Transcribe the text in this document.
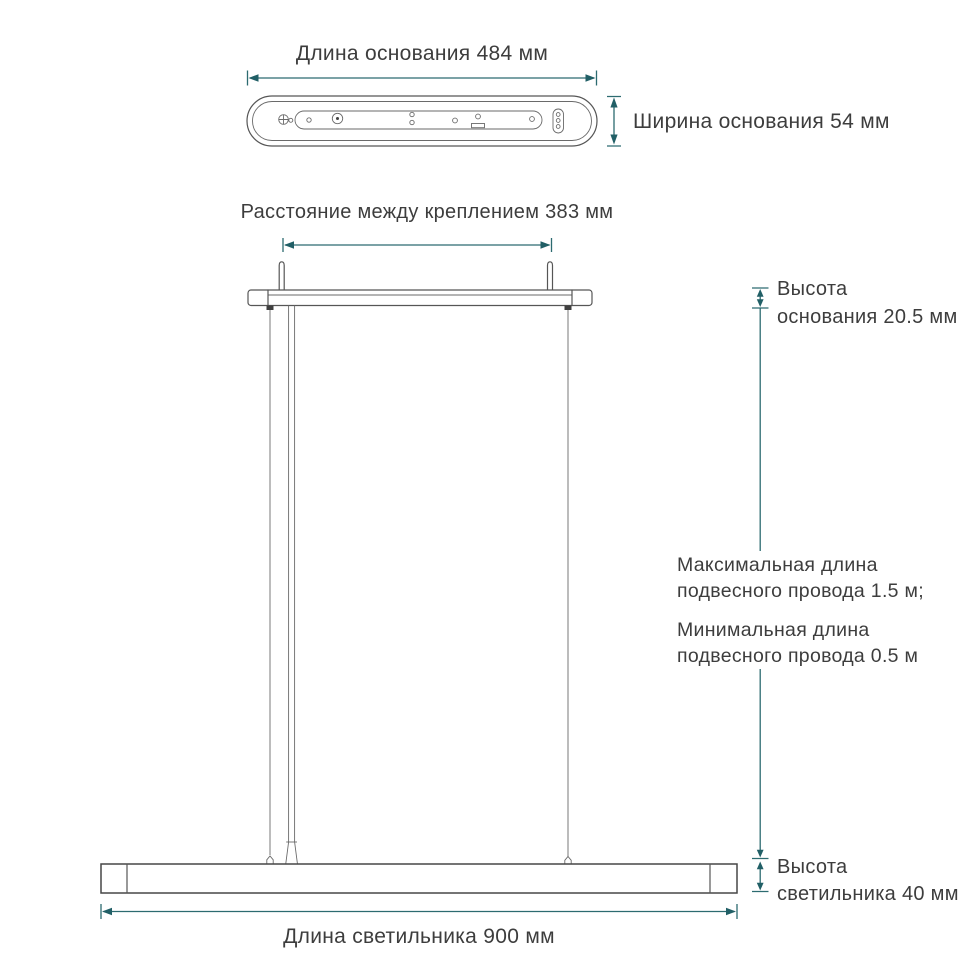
Длина основания 484 мм
Ширина основания 54 мм
Расстояние между креплением 383 мм
Высота
основания 20.5 мм
Максимальная длина
подвесного провода 1.5 м;
Минимальная длина
подвесного провода 0.5 м
Высота
светильника 40 мм
Длина светильника 900 мм
